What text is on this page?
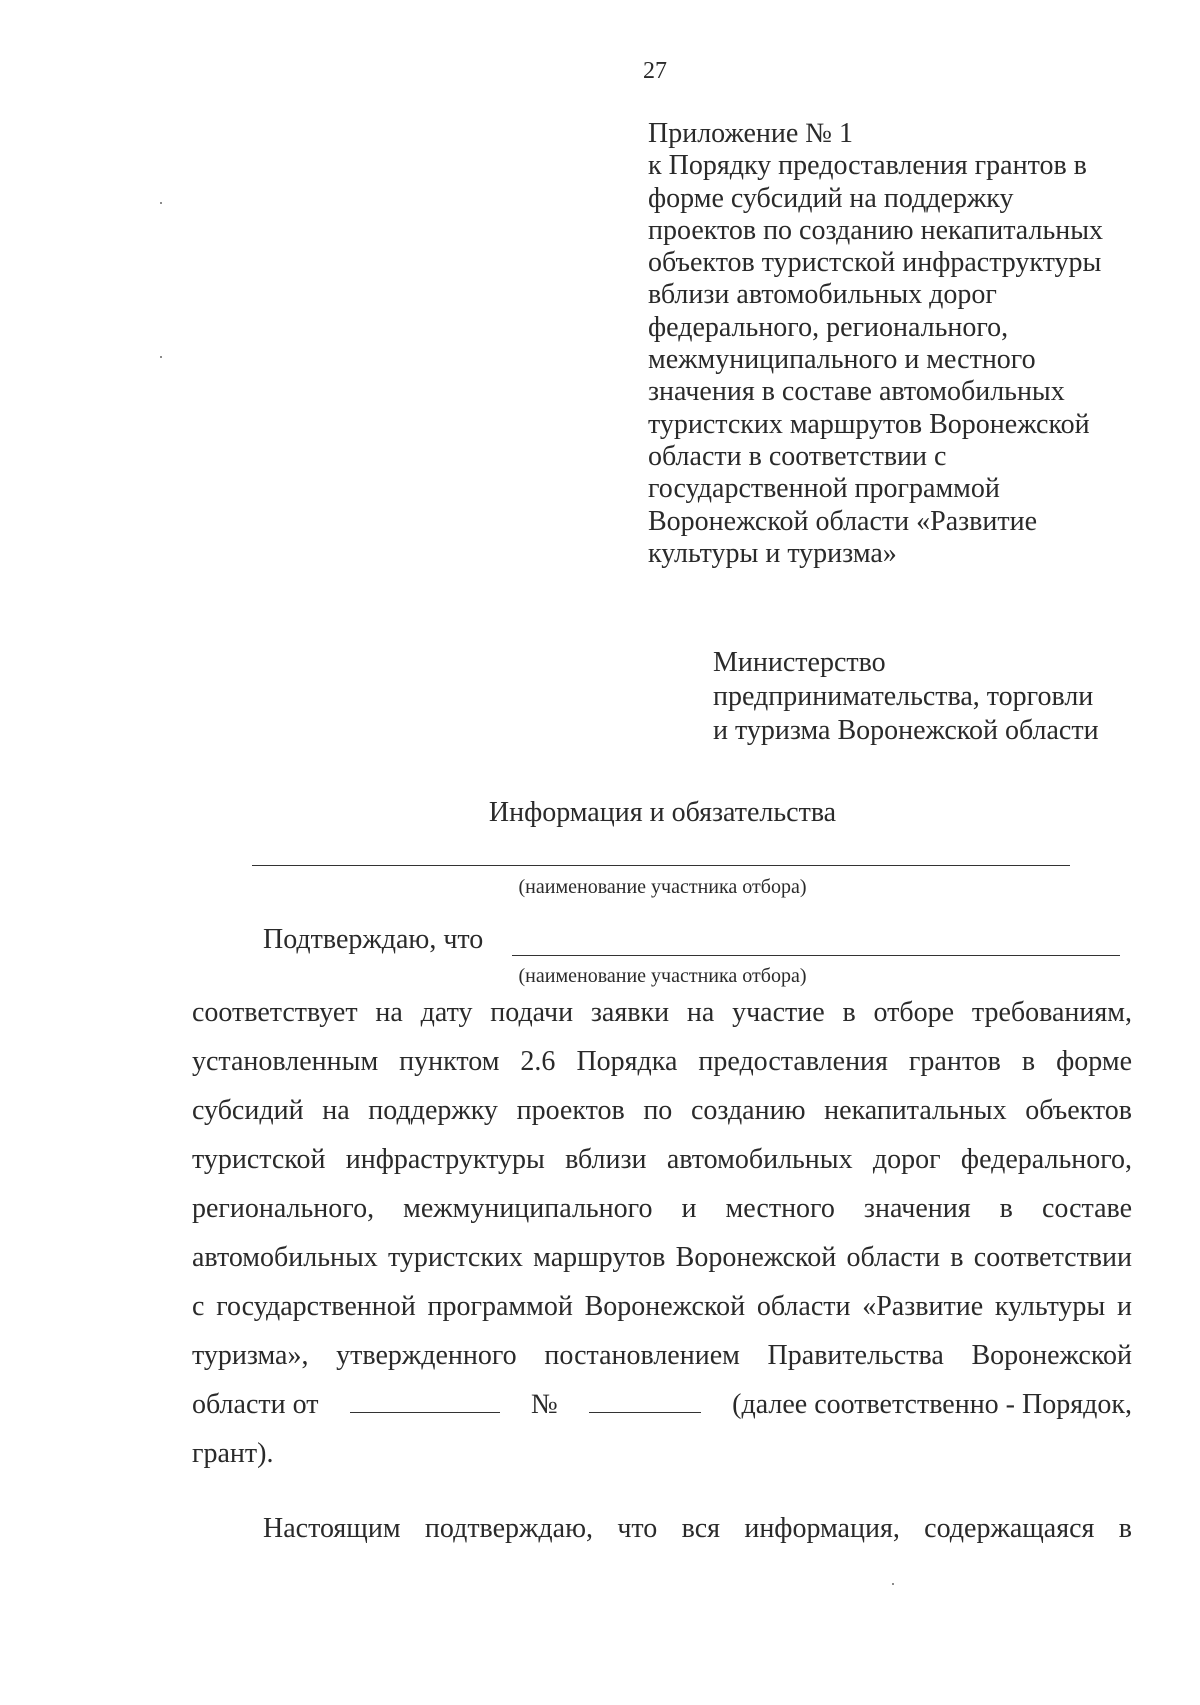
27
Приложение № 1
к Порядку предоставления грантов в
форме субсидий на поддержку
проектов по созданию некапитальных
объектов туристской инфраструктуры
вблизи автомобильных дорог
федерального, регионального,
межмуниципального и местного
значения в составе автомобильных
туристских маршрутов Воронежской
области в соответствии с
государственной программой
Воронежской области «Развитие
культуры и туризма»
Министерство
предпринимательства, торговли
и туризма Воронежской области
Информация и обязательства
(наименование участника отбора)
Подтверждаю, что
(наименование участника отбора)
соответствует на дату подачи заявки на участие в отборе требованиям,
установленным пунктом 2.6 Порядка предоставления грантов в форме
субсидий на поддержку проектов по созданию некапитальных объектов
туристской инфраструктуры вблизи автомобильных дорог федерального,
регионального, межмуниципального и местного значения в составе
автомобильных туристских маршрутов Воронежской области в соответствии
с государственной программой Воронежской области «Развитие культуры и
туризма», утвержденного постановлением Правительства Воронежской
области от	№	(далее соответственно - Порядок,
грант).
Настоящим подтверждаю, что вся информация, содержащаяся в
